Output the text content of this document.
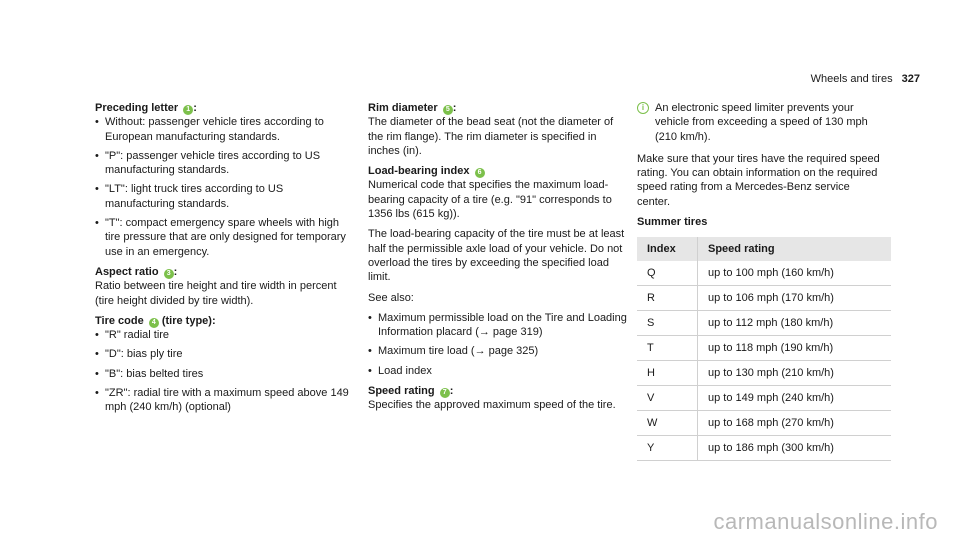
Wheels and tires 327
Preceding letter 1 :
• Without: passenger vehicle tires according to European manufacturing standards.
• "P": passenger vehicle tires according to US manufacturing standards.
• "LT": light truck tires according to US manufacturing standards.
• "T": compact emergency spare wheels with high tire pressure that are only designed for temporary use in an emergency.
Aspect ratio 3 :

Ratio between tire height and tire width in percent (tire height divided by tire width).

Tire code 4 (tire type):
• "R" radial tire
• "D": bias ply tire
• "B": bias belted tires
• "ZR": radial tire with a maximum speed above 149 mph (240 km/h) (optional)
Rim diameter 5 :

The diameter of the bead seat (not the diameter of the rim flange). The rim diameter is specified in inches (in).

Load-bearing index 6

Numerical code that specifies the maximum load-bearing capacity of a tire (e.g. "91" corresponds to 1356 lbs (615 kg)).

The load-bearing capacity of the tire must be at least half the permissible axle load of your vehicle. Do not overload the tires by exceeding the specified load limit.

See also:

• Maximum permissible load on the Tire and Loading Information placard (→ page 319)
• Maximum tire load (→ page 325)
• Load index
Speed rating 7 :

Specifies the approved maximum speed of the tire.

i An electronic speed limiter prevents your vehicle from exceeding a speed of 130 mph (210 km/h).

Make sure that your tires have the required speed rating. You can obtain information on the required speed rating from a Mercedes-Benz service center.

Summer tires
Index	Speed rating
Q	up to 100 mph (160 km/h)
R	up to 106 mph (170 km/h)
S	up to 112 mph (180 km/h)
T	up to 118 mph (190 km/h)
H	up to 130 mph (210 km/h)
V	up to 149 mph (240 km/h)
W	up to 168 mph (270 km/h)
Y	up to 186 mph (300 km/h)
carmanualsonline.info
